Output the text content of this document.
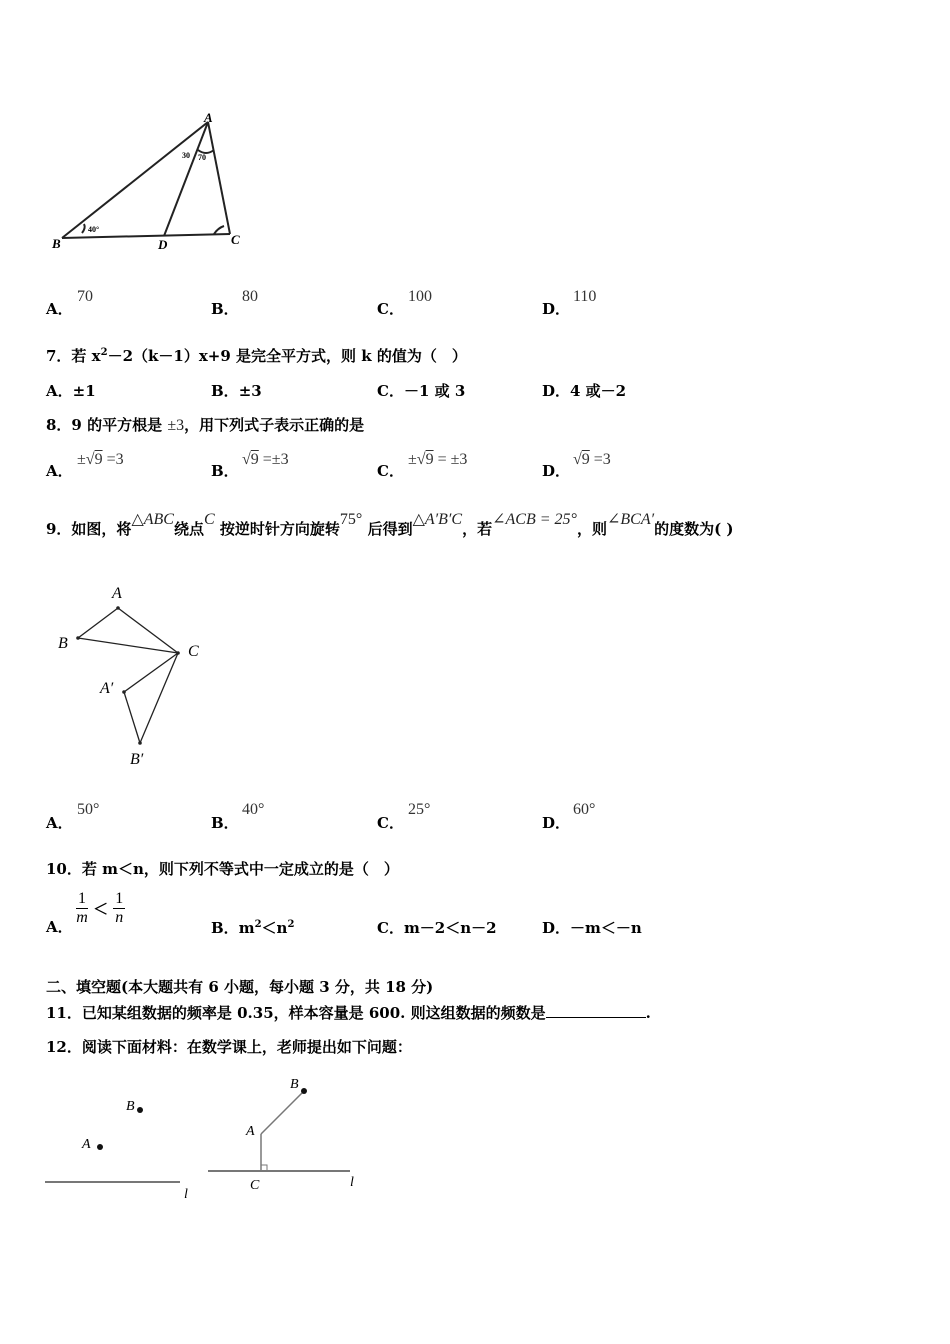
A
B	D	C
40°
30 70
A．
70
B．
80
C．
100
D．
110
7．若 $x^2-2(k-1)x+9$ 是完全平方式，则 k 的值为（　）
A．±1	B．±3	C．－1 或 3	D．4 或－2
8．9 的平方根是 ±3，用下列式子表示正确的是
A．
±√9 =3
B．
√9 =±3
C．
±√9 = ±3
D．
√9 =3
9．如图，将△ABC绕点C 按逆时针方向旋转75° 后得到△A′B′C，若∠ACB = 25°，则∠BCA′的度数为( )
A
B	C
A′
B′
A．
50°
B．
40°
C．
25°
D．
60°
10．若 m＜n，则下列不等式中一定成立的是（　）
A． $\frac{1}{m} < \frac{1}{n}$
B．$m^2<n^2$	C．m－2＜n－2	D．－m＜－n
二、填空题(本大题共有 6 小题，每小题 3 分，共 18 分)
11．已知某组数据的频率是 0.35，样本容量是 600. 则这组数据的频数是	.
12．阅读下面材料：在数学课上，老师提出如下问题：
B
A
l
B
A
C	l
